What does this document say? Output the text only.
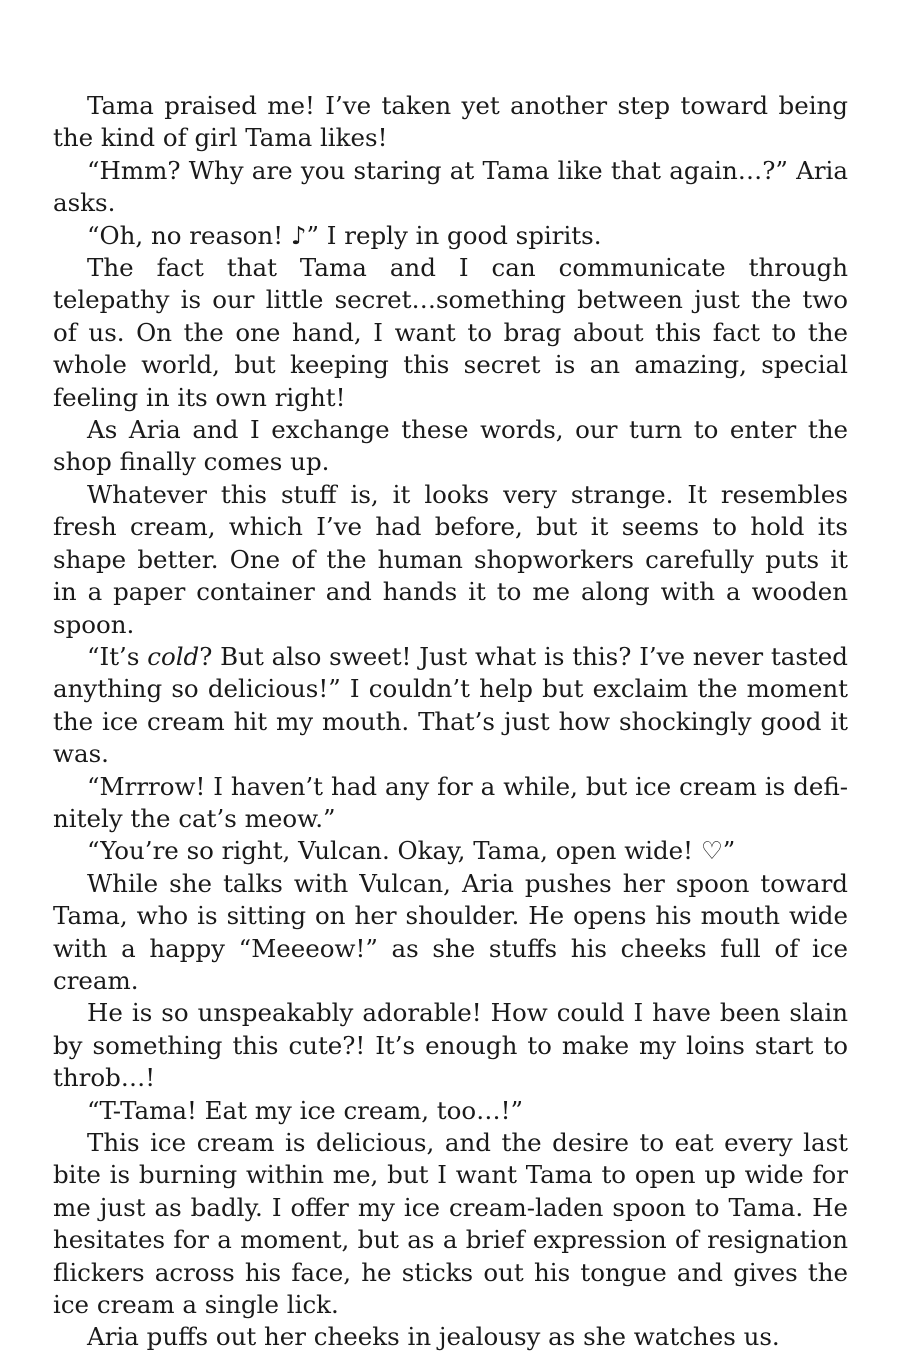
Tama praised me! I’ve taken yet another step toward being the kind of girl Tama likes!

“Hmm? Why are you staring at Tama like that again…?” Aria asks.

“Oh, no reason! ♪” I reply in good spirits.

The fact that Tama and I can communicate through telepathy is our little secret…something between just the two of us. On the one hand, I want to brag about this fact to the whole world, but keeping this secret is an amazing, special feeling in its own right!

As Aria and I exchange these words, our turn to enter the shop finally comes up.

Whatever this stuff is, it looks very strange. It resembles fresh cream, which I’ve had before, but it seems to hold its shape better. One of the human shopworkers carefully puts it in a paper container and hands it to me along with a wooden spoon.

“It’s cold? But also sweet! Just what is this? I’ve never tasted anything so delicious!” I couldn’t help but exclaim the moment the ice cream hit my mouth. That’s just how shockingly good it was.

“Mrrrow! I haven’t had any for a while, but ice cream is definitely the cat’s meow.”

“You’re so right, Vulcan. Okay, Tama, open wide! ♡”

While she talks with Vulcan, Aria pushes her spoon toward Tama, who is sitting on her shoulder. He opens his mouth wide with a happy “Meeeow!” as she stuffs his cheeks full of ice cream.

He is so unspeakably adorable! How could I have been slain by something this cute?! It’s enough to make my loins start to throb…!

“T-Tama! Eat my ice cream, too…!”

This ice cream is delicious, and the desire to eat every last bite is burning within me, but I want Tama to open up wide for me just as badly. I offer my ice cream-laden spoon to Tama. He hesitates for a moment, but as a brief expression of resignation flickers across his face, he sticks out his tongue and gives the ice cream a single lick.

Aria puffs out her cheeks in jealousy as she watches us.
